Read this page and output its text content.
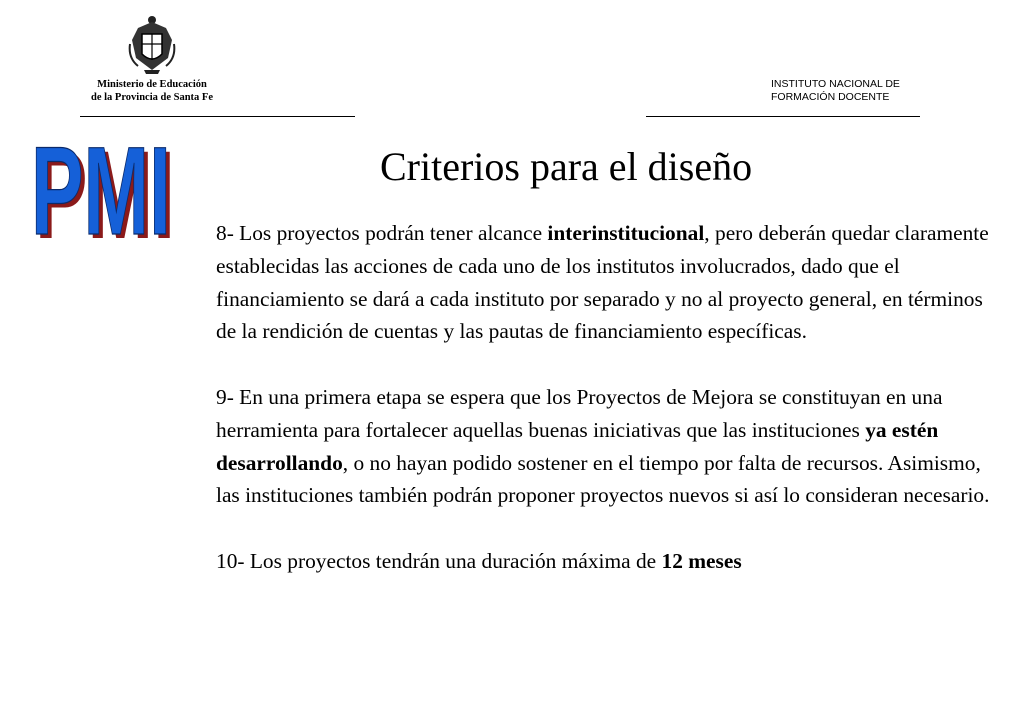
Ministerio de Educación
de la Provincia de Santa Fe
INSTITUTO NACIONAL DE
FORMACIÓN DOCENTE
PMI
PMI	Criterios para el diseño

8- Los proyectos podrán tener alcance interinstitucional, pero deberán quedar claramente establecidas las acciones de cada uno de los institutos involucrados, dado que el financiamiento se dará a cada instituto por separado y no al proyecto general, en términos de la rendición de cuentas y las pautas de financiamiento específicas.

9- En una primera etapa se espera que los Proyectos de Mejora se constituyan en una herramienta para fortalecer aquellas buenas iniciativas que las instituciones ya estén desarrollando, o no hayan podido sostener en el tiempo por falta de recursos. Asimismo, las instituciones también podrán proponer proyectos nuevos si así lo consideran necesario.

10- Los proyectos tendrán una duración máxima de 12 meses
